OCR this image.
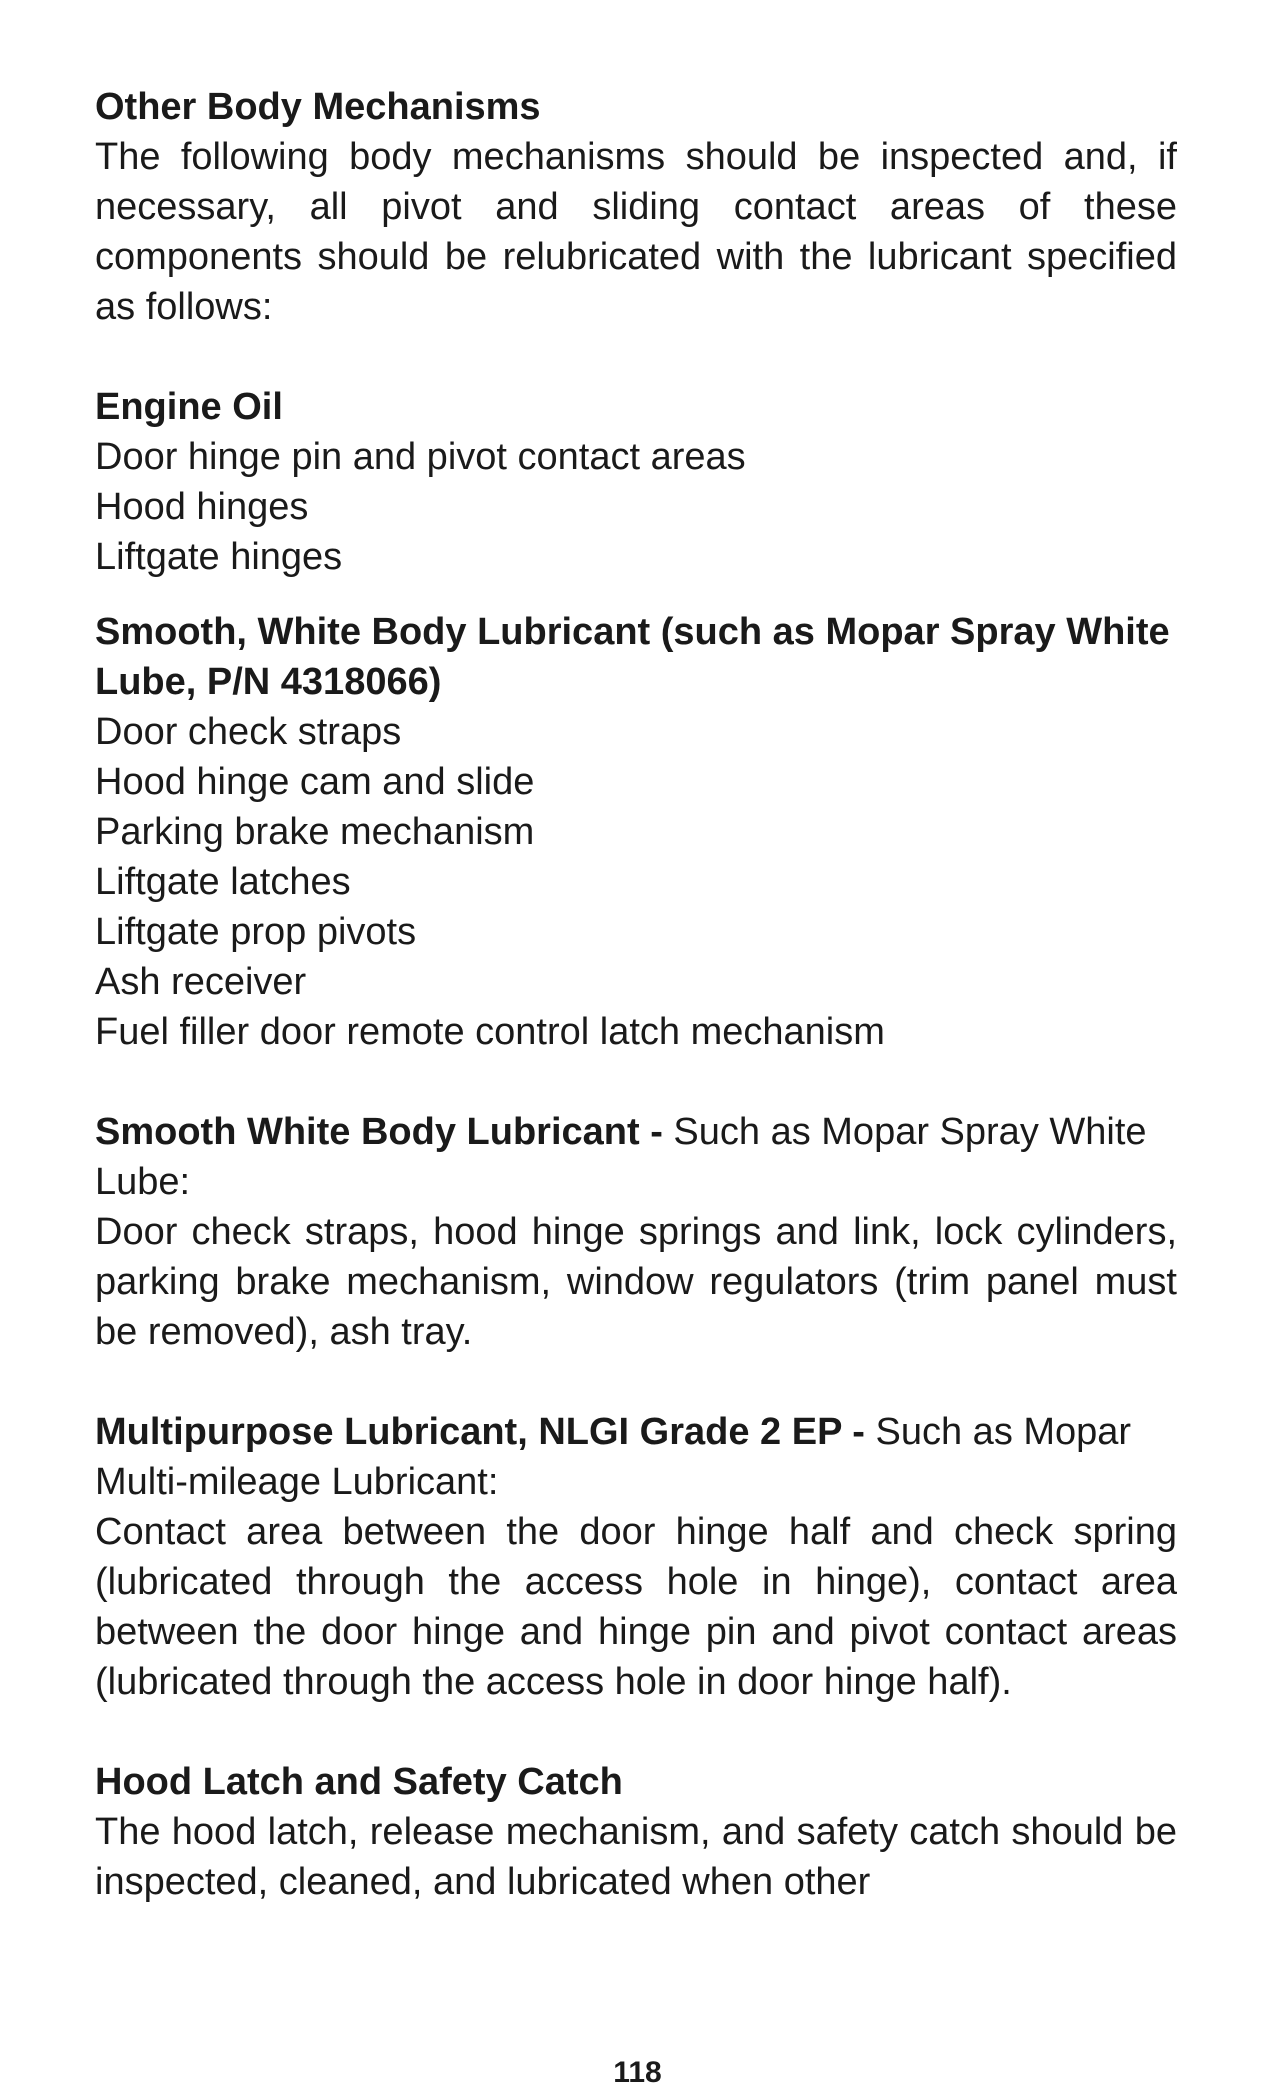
Other Body Mechanisms

The following body mechanisms should be inspected and, if necessary, all pivot and sliding contact areas of these components should be relubricated with the lubricant specified as follows:

Engine Oil
Door hinge pin and pivot contact areas
Hood hinges
Liftgate hinges
Smooth, White Body Lubricant (such as Mopar Spray White Lube, P/N 4318066)
Door check straps
Hood hinge cam and slide
Parking brake mechanism
Liftgate latches
Liftgate prop pivots
Ash receiver
Fuel filler door remote control latch mechanism

Smooth White Body Lubricant - Such as Mopar Spray White Lube:

Door check straps, hood hinge springs and link, lock cylinders, parking brake mechanism, window regulators (trim panel must be removed), ash tray.

Multipurpose Lubricant, NLGI Grade 2 EP - Such as Mopar Multi-mileage Lubricant:

Contact area between the door hinge half and check spring (lubricated through the access hole in hinge), contact area between the door hinge and hinge pin and pivot contact areas (lubricated through the access hole in door hinge half).

Hood Latch and Safety Catch

The hood latch, release mechanism, and safety catch should be inspected, cleaned, and lubricated when other

118
